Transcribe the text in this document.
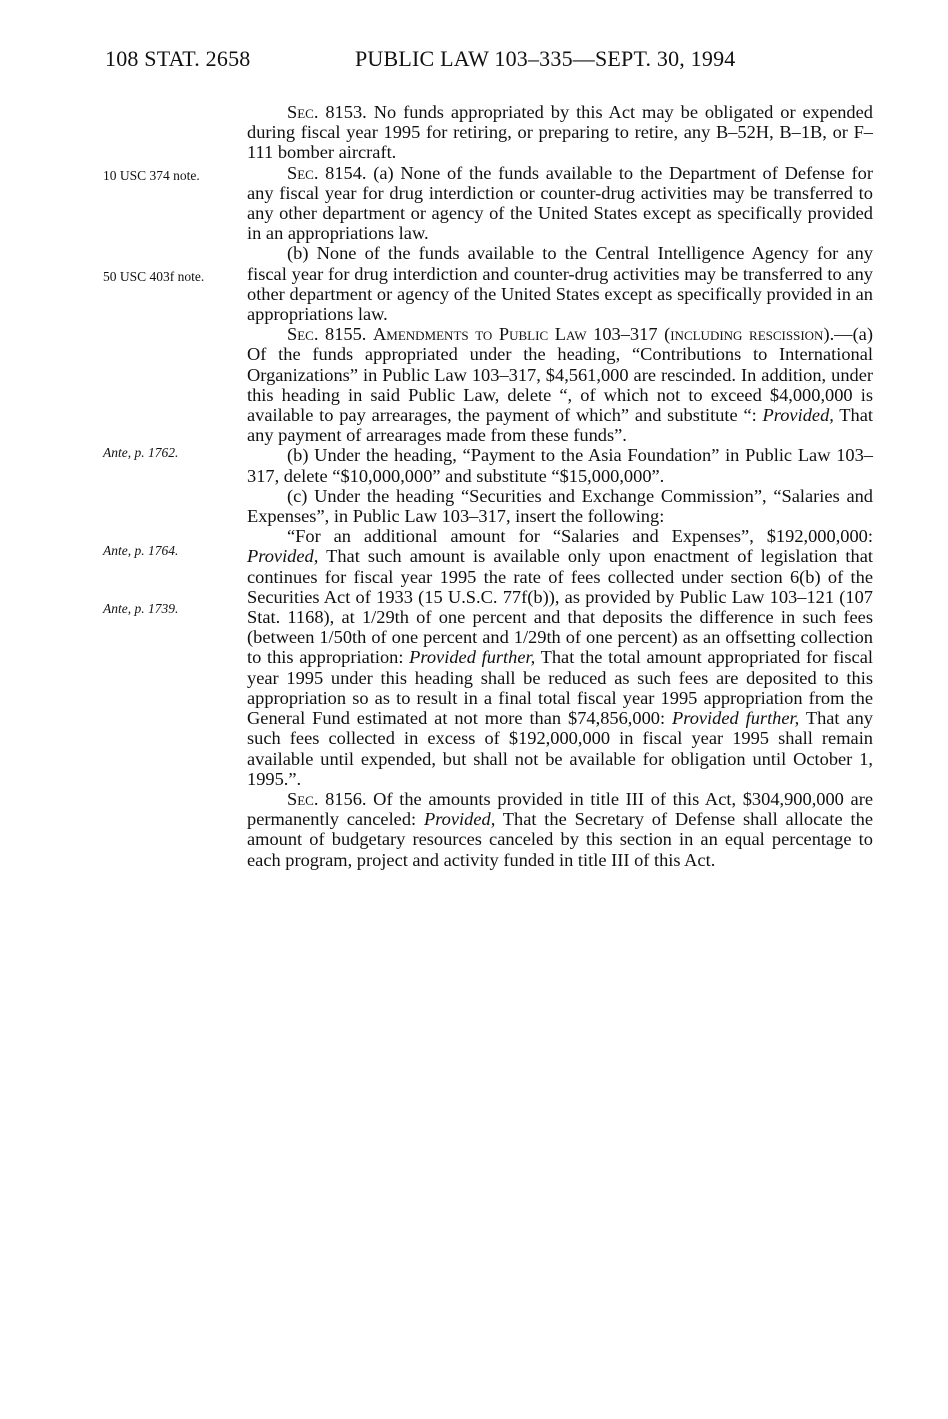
108 STAT. 2658	PUBLIC LAW 103–335—SEPT. 30, 1994
10 USC 374 note.
50 USC 403f note.
Ante, p. 1762.
Ante, p. 1764.
Ante, p. 1739.

Sec. 8153. No funds appropriated by this Act may be obligated or expended during fiscal year 1995 for retiring, or preparing to retire, any B–52H, B–1B, or F–111 bomber aircraft.

Sec. 8154. (a) None of the funds available to the Department of Defense for any fiscal year for drug interdiction or counter-drug activities may be transferred to any other department or agency of the United States except as specifically provided in an appropriations law.

(b) None of the funds available to the Central Intelligence Agency for any fiscal year for drug interdiction and counter-drug activities may be transferred to any other department or agency of the United States except as specifically provided in an appropriations law.

Sec. 8155. Amendments to Public Law 103–317 (including rescission).—(a) Of the funds appropriated under the heading, “Contributions to International Organizations” in Public Law 103–317, $4,561,000 are rescinded. In addition, under this heading in said Public Law, delete “, of which not to exceed $4,000,000 is available to pay arrearages, the payment of which” and substitute “: Provided, That any payment of arrearages made from these funds”.

(b) Under the heading, “Payment to the Asia Foundation” in Public Law 103–317, delete “$10,000,000” and substitute “$15,000,000”.

(c) Under the heading “Securities and Exchange Commission”, “Salaries and Expenses”, in Public Law 103–317, insert the following:

“For an additional amount for “Salaries and Expenses”, $192,000,000: Provided, That such amount is available only upon enactment of legislation that continues for fiscal year 1995 the rate of fees collected under section 6(b) of the Securities Act of 1933 (15 U.S.C. 77f(b)), as provided by Public Law 103–121 (107 Stat. 1168), at 1/29th of one percent and that deposits the difference in such fees (between 1/50th of one percent and 1/29th of one percent) as an offsetting collection to this appropriation: Provided further, That the total amount appropriated for fiscal year 1995 under this heading shall be reduced as such fees are deposited to this appropriation so as to result in a final total fiscal year 1995 appropriation from the General Fund estimated at not more than $74,856,000: Provided further, That any such fees collected in excess of $192,000,000 in fiscal year 1995 shall remain available until expended, but shall not be available for obligation until October 1, 1995.”.

Sec. 8156. Of the amounts provided in title III of this Act, $304,900,000 are permanently canceled: Provided, That the Secretary of Defense shall allocate the amount of budgetary resources canceled by this section in an equal percentage to each program, project and activity funded in title III of this Act.
